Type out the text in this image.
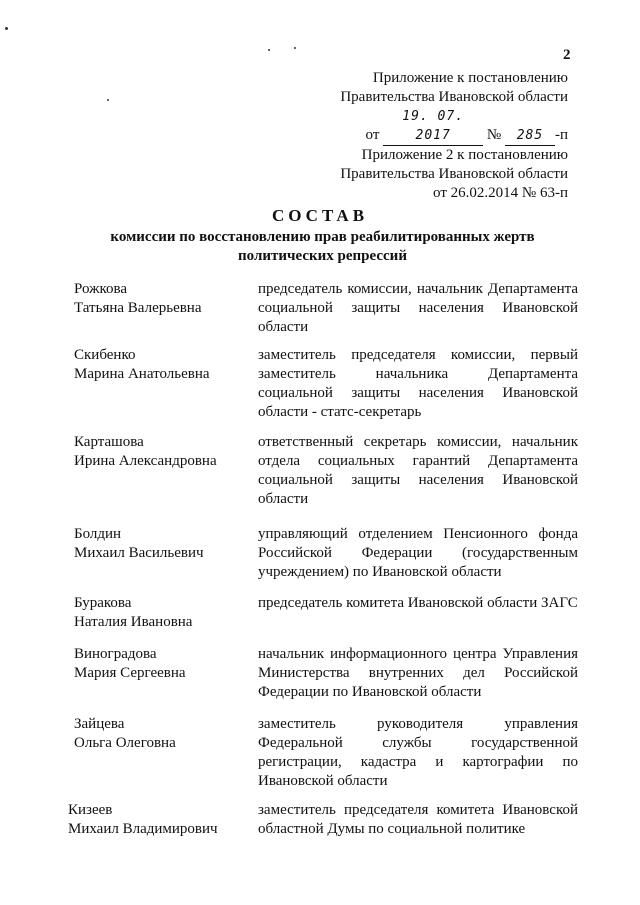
2
Приложение к постановлению
Правительства Ивановской области
от 19. 07. 2017 № 285 -п
Приложение 2 к постановлению
Правительства Ивановской области
от 26.02.2014 № 63-п
СОСТАВ
комиссии по восстановлению прав реабилитированных жертв
политических репрессий
Рожкова
Татьяна Валерьевна
председатель комиссии, начальник Департамента социальной защиты населения Ивановской области
Скибенко
Марина Анатольевна
заместитель председателя комиссии, первый заместитель начальника Департамента социальной защиты населения Ивановской области - статс-секретарь
Карташова
Ирина Александровна
ответственный секретарь комиссии, начальник отдела социальных гарантий Департамента социальной защиты населения Ивановской области
Болдин
Михаил Васильевич
управляющий отделением Пенсионного фонда Российской Федерации (государственным учреждением) по Ивановской области
Буракова
Наталия Ивановна
председатель комитета Ивановской области ЗАГС
Виноградова
Мария Сергеевна
начальник информационного центра Управления Министерства внутренних дел Российской Федерации по Ивановской области
Зайцева
Ольга Олеговна
заместитель руководителя управления Федеральной службы государственной регистрации, кадастра и картографии по Ивановской области
Кизеев
Михаил Владимирович
заместитель председателя комитета Ивановской областной Думы по социальной политике
